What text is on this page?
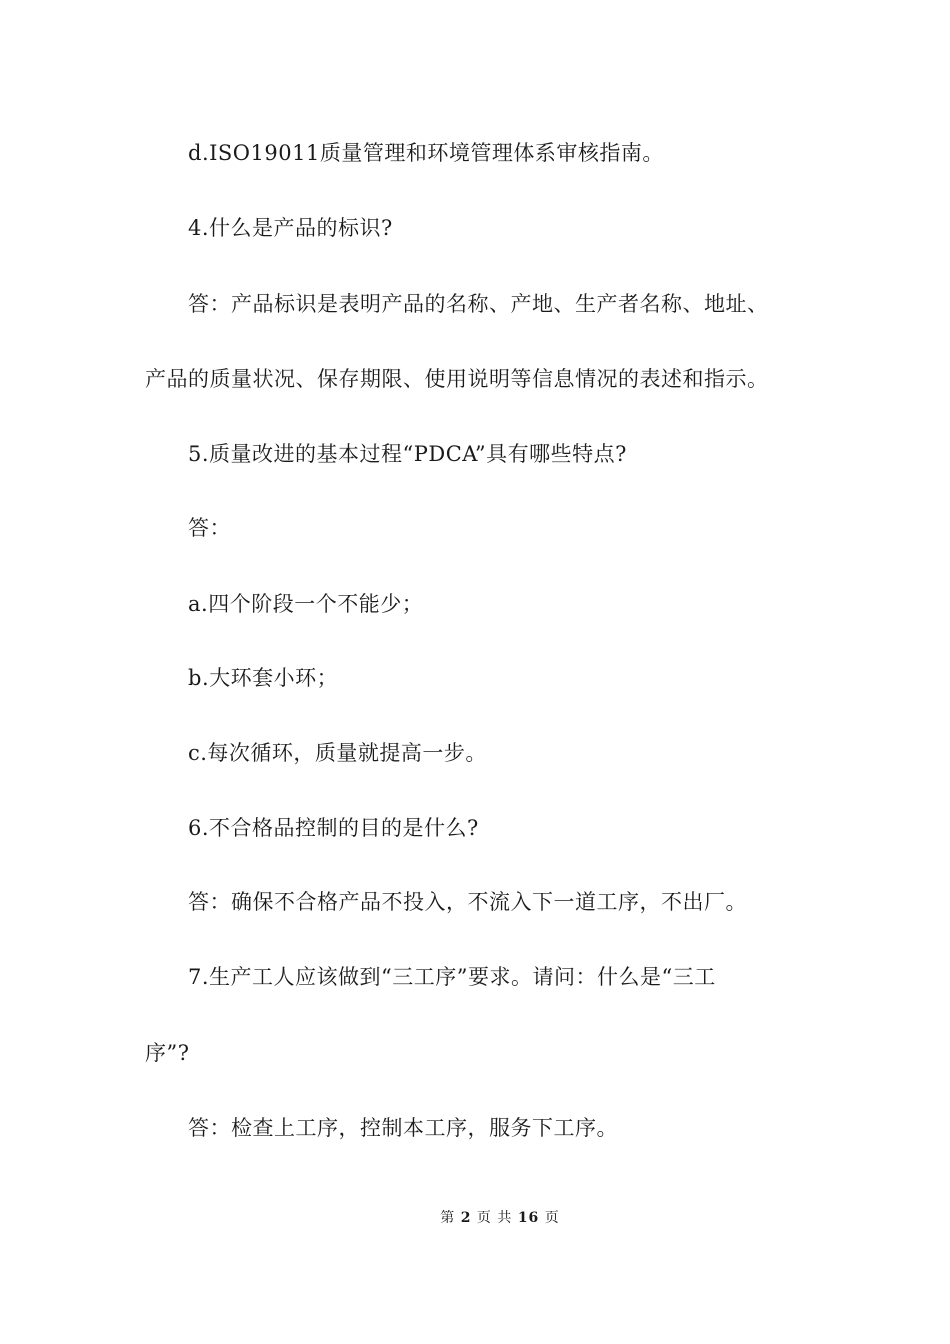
d.ISO19011质量管理和环境管理体系审核指南。
4.什么是产品的标识?
答：产品标识是表明产品的名称、产地、生产者名称、地址、
产品的质量状况、保存期限、使用说明等信息情况的表述和指示。
5.质量改进的基本过程“PDCA”具有哪些特点?
答：
a.四个阶段一个不能少；
b.大环套小环；
c.每次循环，质量就提高一步。
6.不合格品控制的目的是什么?
答：确保不合格产品不投入，不流入下一道工序，不出厂。
7.生产工人应该做到“三工序”要求。请问：什么是“三工
序”?
答：检查上工序，控制本工序，服务下工序。
第 2 页 共 16 页
